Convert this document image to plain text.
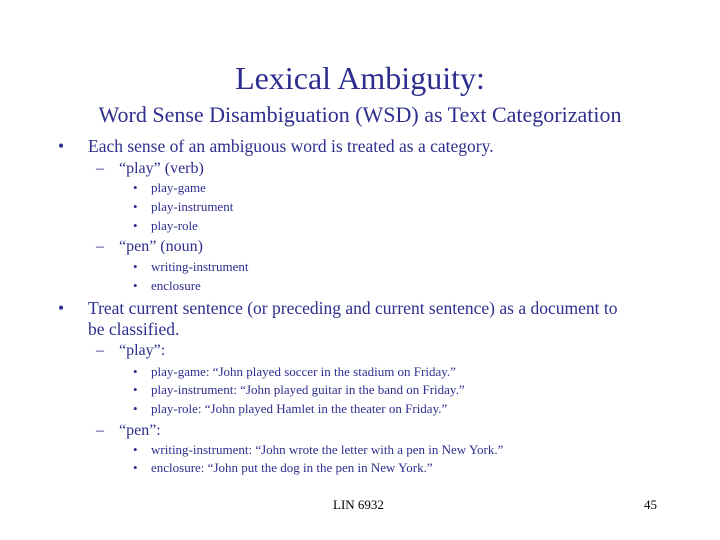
Lexical Ambiguity:
Word Sense Disambiguation (WSD) as Text Categorization
• Each sense of an ambiguous word is treated as a category.
– “play” (verb)
• play-game
• play-instrument
• play-role
– “pen” (noun)
• writing-instrument
• enclosure
• Treat current sentence (or preceding and current sentence) as a document to be classified.
– “play”:
• play-game: “John played soccer in the stadium on Friday.”
• play-instrument: “John played guitar in the band on Friday.”
• play-role: “John played Hamlet in the theater on Friday.”
– “pen”:
• writing-instrument: “John wrote the letter with a pen in New York.”
• enclosure: “John put the dog in the pen in New York.”
LIN 6932	45
